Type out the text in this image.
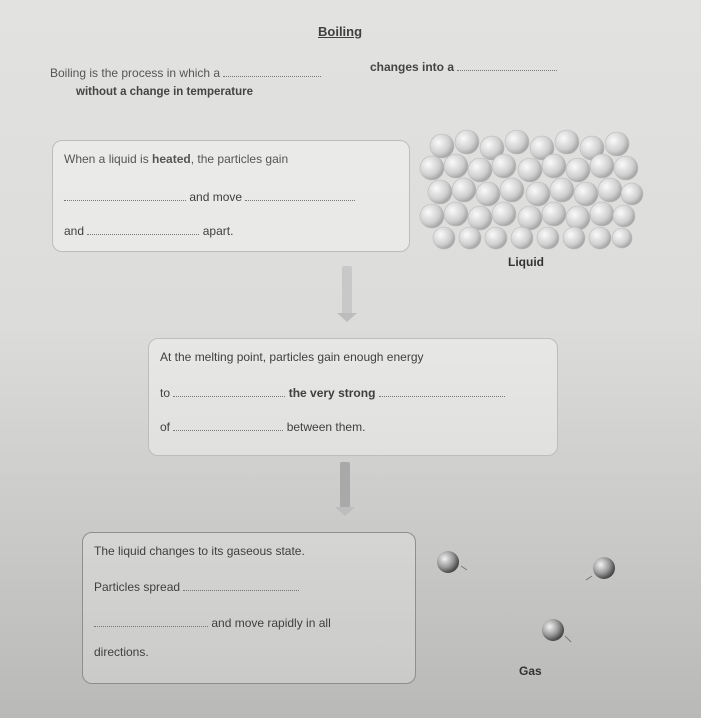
Boiling
Boiling is the process in which a	changes into a
without a change in temperature
When a liquid is heated, the particles gain
and move
and	apart.
Liquid
At the melting point, particles gain enough energy
to	the very strong
of	between them.
The liquid changes to its gaseous state.
Particles spread
and move rapidly in all
directions.
Gas
